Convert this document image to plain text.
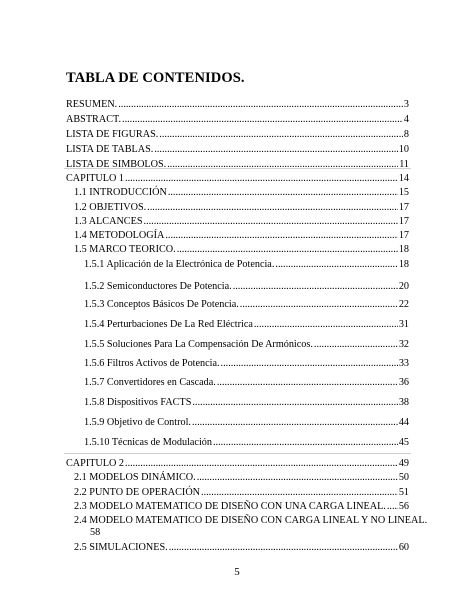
TABLA DE CONTENIDOS.
RESUMEN. .....	3
ABSTRACT. .....	4
LISTA DE FIGURAS. .....	8
LISTA DE TABLAS. .....	10
LISTA DE SIMBOLOS. .....	11
CAPITULO 1 .....	14
1.1 INTRODUCCIÓN .....	15
1.2 OBJETIVOS. .....	17
1.3 ALCANCES .....	17
1.4 METODOLOGÍA .....	17
1.5 MARCO TEORICO. .....	18
1.5.1 Aplicación de la Electrónica de Potencia. .....	18
1.5.2 Semiconductores De Potencia. .....	20
1.5.3 Conceptos Básicos De Potencia. .....	22
1.5.4 Perturbaciones De La Red Eléctrica .....	31
1.5.5 Soluciones Para La Compensación De Armónicos. .....	32
1.5.6 Filtros Activos de Potencia. .....	33
1.5.7 Convertidores en Cascada. .....	36
1.5.8 Dispositivos FACTS .....	38
1.5.9 Objetivo de Control. .....	44
1.5.10 Técnicas de Modulación .....	45
CAPITULO 2 .....	49
2.1 MODELOS DINÁMICO. .....	50
2.2 PUNTO DE OPERACIÓN .....	51
2.3 MODELO MATEMATICO DE DISEÑO CON UNA CARGA LINEAL. ..... 56
2.4 MODELO MATEMATICO DE DISEÑO CON CARGA LINEAL Y NO LINEAL.
58
2.5 SIMULACIONES. .....	60
5
